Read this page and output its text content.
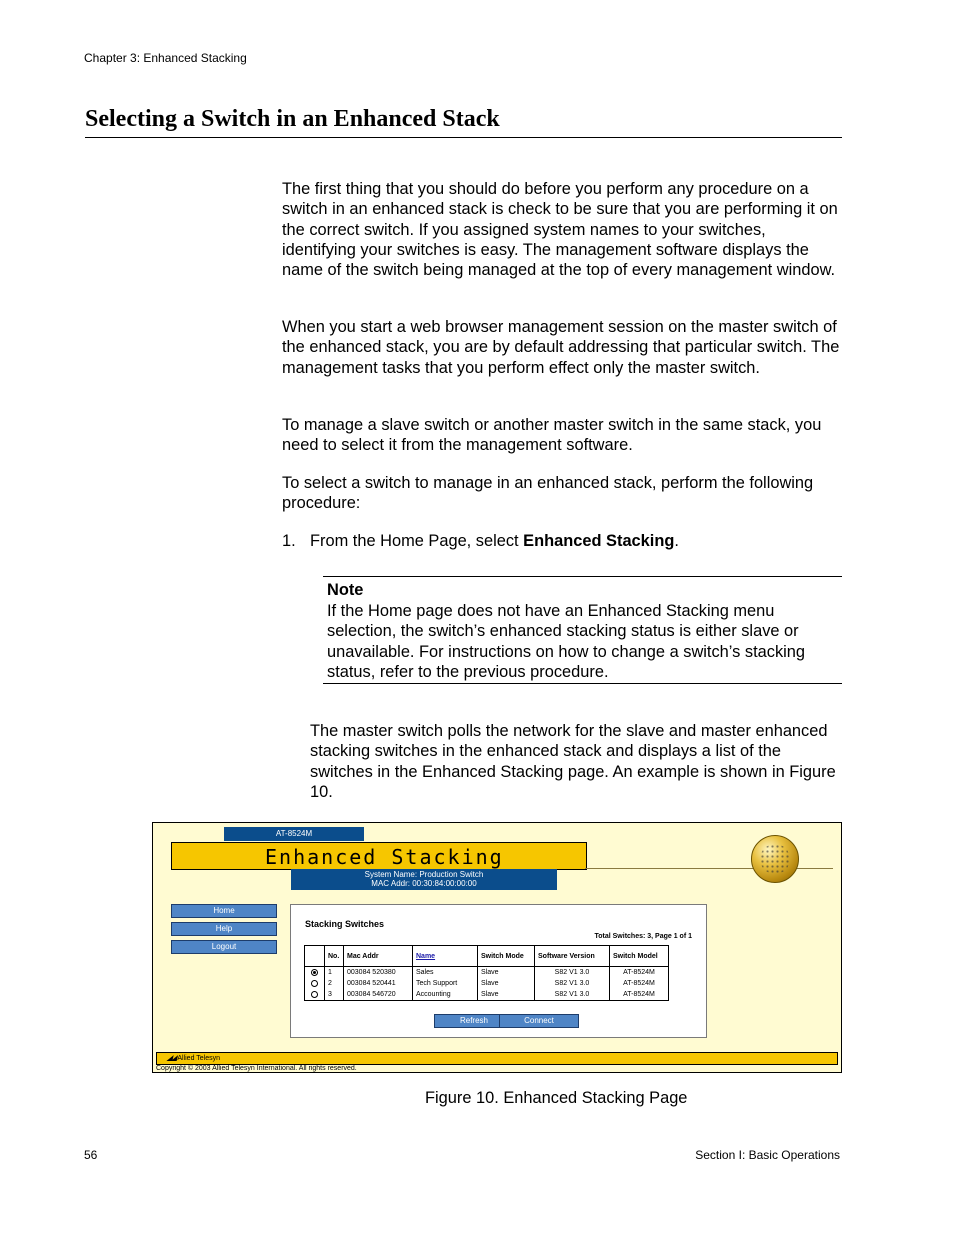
Chapter 3: Enhanced Stacking
Selecting a Switch in an Enhanced Stack

The first thing that you should do before you perform any procedure on a switch in an enhanced stack is check to be sure that you are performing it on the correct switch. If you assigned system names to your switches, identifying your switches is easy. The management software displays the name of the switch being managed at the top of every management window.

When you start a web browser management session on the master switch of the enhanced stack, you are by default addressing that particular switch. The management tasks that you perform effect only the master switch.

To manage a slave switch or another master switch in the same stack, you need to select it from the management software.

To select a switch to manage in an enhanced stack, perform the following procedure:

1. From the Home Page, select Enhanced Stacking.
Note

If the Home page does not have an Enhanced Stacking menu selection, the switch’s enhanced stacking status is either slave or unavailable. For instructions on how to change a switch’s stacking status, refer to the previous procedure.

The master switch polls the network for the slave and master enhanced stacking switches in the enhanced stack and displays a list of the switches in the Enhanced Stacking page. An example is shown in Figure 10.

AT-8524M
Enhanced Stacking
System Name: Production Switch
MAC Addr: 00:30:84:00:00:00
Home
Help
Logout
Stacking Switches
Total Switches: 3, Page 1 of 1
	No.	Mac Addr	Name	Switch Mode	Software Version	Switch Model
	1	003084 520380	Sales	Slave	S82 V1 3.0	AT-8524M
	2	003084 520441	Tech Support	Slave	S82 V1 3.0	AT-8524M
	3	003084 546720	Accounting	Slave	S82 V1 3.0	AT-8524M
Refresh	Connect
◢◢ Allied Telesyn
Copyright © 2003 Allied Telesyn International. All rights reserved.
Figure 10. Enhanced Stacking Page
56	Section I: Basic Operations
